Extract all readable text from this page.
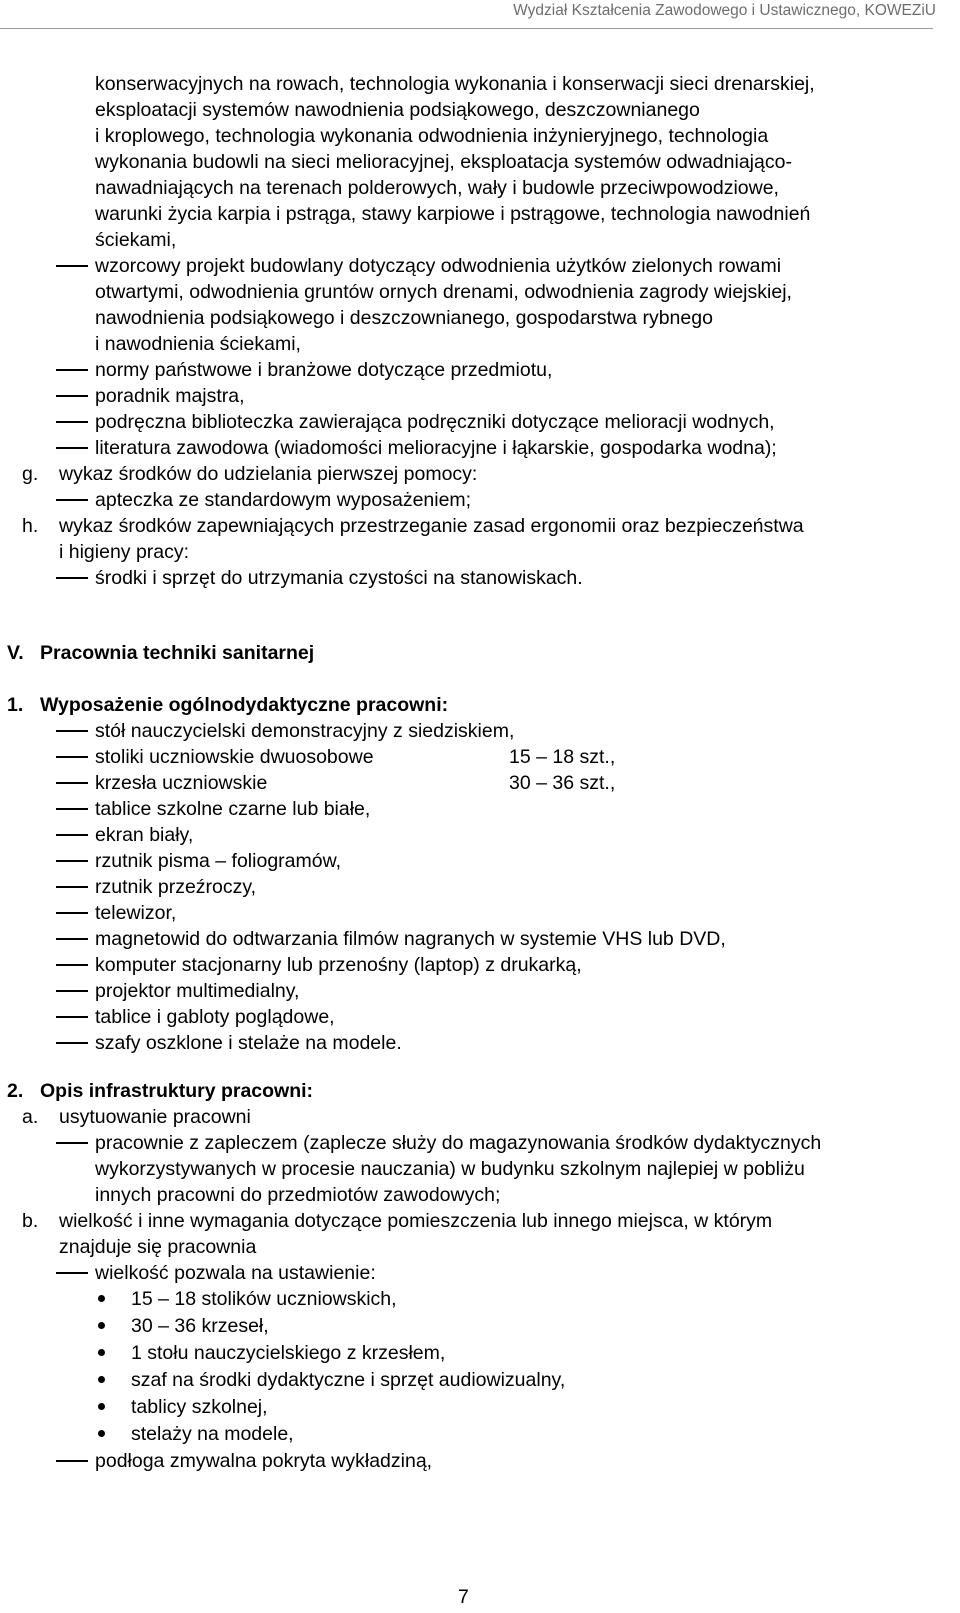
Wydział Kształcenia Zawodowego i Ustawicznego, KOWEZiU
konserwacyjnych na rowach, technologia wykonania i konserwacji sieci drenarskiej,
eksploatacji systemów nawodnienia podsiąkowego, deszczownianego
i kroplowego, technologia wykonania odwodnienia inżynieryjnego, technologia
wykonania budowli na sieci melioracyjnej, eksploatacja systemów odwadniająco-
nawadniających na terenach polderowych, wały i budowle przeciwpowodziowe,
warunki życia karpia i pstrąga, stawy karpiowe i pstrągowe, technologia nawodnień
ściekami,
wzorcowy projekt budowlany dotyczący odwodnienia użytków zielonych rowami
otwartymi, odwodnienia gruntów ornych drenami, odwodnienia zagrody wiejskiej,
nawodnienia podsiąkowego i deszczownianego, gospodarstwa rybnego
i nawodnienia ściekami,
normy państwowe i branżowe dotyczące przedmiotu,
poradnik majstra,
podręczna biblioteczka zawierająca podręczniki dotyczące melioracji wodnych,
literatura zawodowa (wiadomości melioracyjne i łąkarskie, gospodarka wodna);
g. wykaz środków do udzielania pierwszej pomocy:
apteczka ze standardowym wyposażeniem;
h. wykaz środków zapewniających przestrzeganie zasad ergonomii oraz bezpieczeństwa
i higieny pracy:
środki i sprzęt do utrzymania czystości na stanowiskach.
V. Pracownia techniki sanitarnej
1. Wyposażenie ogólnodydaktyczne pracowni:
stół nauczycielski demonstracyjny z siedziskiem,
stoliki uczniowskie dwuosobowe	15 – 18 szt.,
krzesła uczniowskie	30 – 36 szt.,
tablice szkolne czarne lub białe,
ekran biały,
rzutnik pisma – foliogramów,
rzutnik przeźroczy,
telewizor,
magnetowid do odtwarzania filmów nagranych w systemie VHS lub DVD,
komputer stacjonarny lub przenośny (laptop) z drukarką,
projektor multimedialny,
tablice i gabloty poglądowe,
szafy oszklone i stelaże na modele.
2. Opis infrastruktury pracowni:
a. usytuowanie pracowni
pracownie z zapleczem (zaplecze służy do magazynowania środków dydaktycznych
wykorzystywanych w procesie nauczania) w budynku szkolnym najlepiej w pobliżu
innych pracowni do przedmiotów zawodowych;
b. wielkość i inne wymagania dotyczące pomieszczenia lub innego miejsca, w którym
znajduje się pracownia
wielkość pozwala na ustawienie:
15 – 18 stolików uczniowskich,
30 – 36 krzeseł,
1 stołu nauczycielskiego z krzesłem,
szaf na środki dydaktyczne i sprzęt audiowizualny,
tablicy szkolnej,
stelaży na modele,
podłoga zmywalna pokryta wykładziną,
7
